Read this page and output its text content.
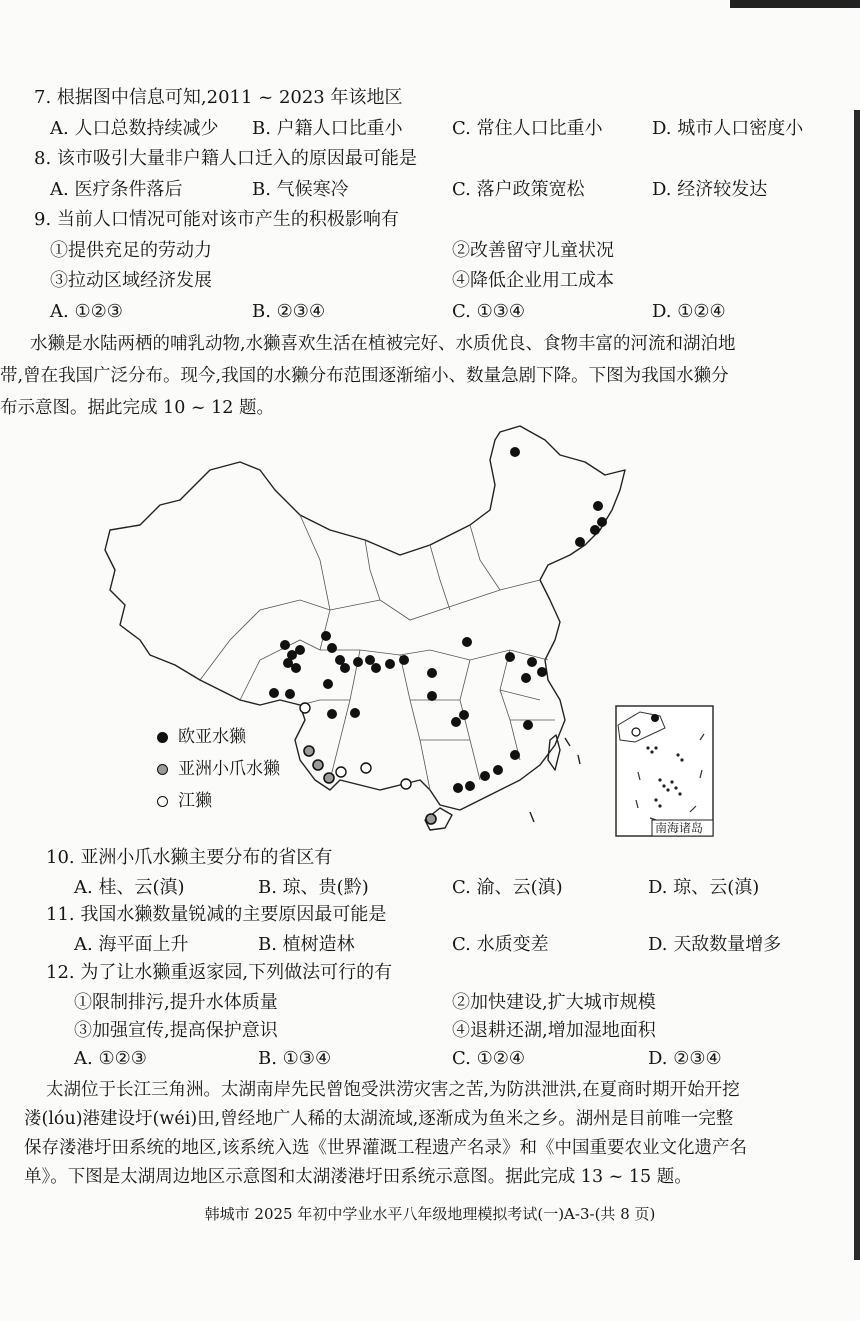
7. 根据图中信息可知,2011 ~ 2023 年该地区
A. 人口总数持续减少 B. 户籍人口比重小	C. 常住人口比重小	D. 城市人口密度小
8. 该市吸引大量非户籍人口迁入的原因最可能是
A. 医疗条件落后	B. 气候寒冷	C. 落户政策宽松	D. 经济较发达
9. 当前人口情况可能对该市产生的积极影响有
①提供充足的劳动力	②改善留守儿童状况
③拉动区域经济发展	④降低企业用工成本
A. ①②③	B. ②③④	C. ①③④	D. ①②④
水獭是水陆两栖的哺乳动物,水獭喜欢生活在植被完好、水质优良、食物丰富的河流和湖泊地
带,曾在我国广泛分布。现今,我国的水獭分布范围逐渐缩小、数量急剧下降。下图为我国水獭分
布示意图。据此完成 10 ~ 12 题。
南海诸岛
欧亚水獭
亚洲小爪水獭
江獭
10. 亚洲小爪水獭主要分布的省区有
A. 桂、云(滇)	B. 琼、贵(黔)	C. 渝、云(滇)	D. 琼、云(滇)
11. 我国水獭数量锐减的主要原因最可能是
A. 海平面上升	B. 植树造林	C. 水质变差	D. 天敌数量增多
12. 为了让水獭重返家园,下列做法可行的有
①限制排污,提升水体质量	②加快建设,扩大城市规模
③加强宣传,提高保护意识	④退耕还湖,增加湿地面积
A. ①②③	B. ①③④	C. ①②④	D. ②③④
太湖位于长江三角洲。太湖南岸先民曾饱受洪涝灾害之苦,为防洪泄洪,在夏商时期开始开挖
溇(lóu)港建设圩(wéi)田,曾经地广人稀的太湖流域,逐渐成为鱼米之乡。湖州是目前唯一完整
保存溇港圩田系统的地区,该系统入选《世界灌溉工程遗产名录》和《中国重要农业文化遗产名
单》。下图是太湖周边地区示意图和太湖溇港圩田系统示意图。据此完成 13 ~ 15 题。
韩城市 2025 年初中学业水平八年级地理模拟考试(一)A-3-(共 8 页)
